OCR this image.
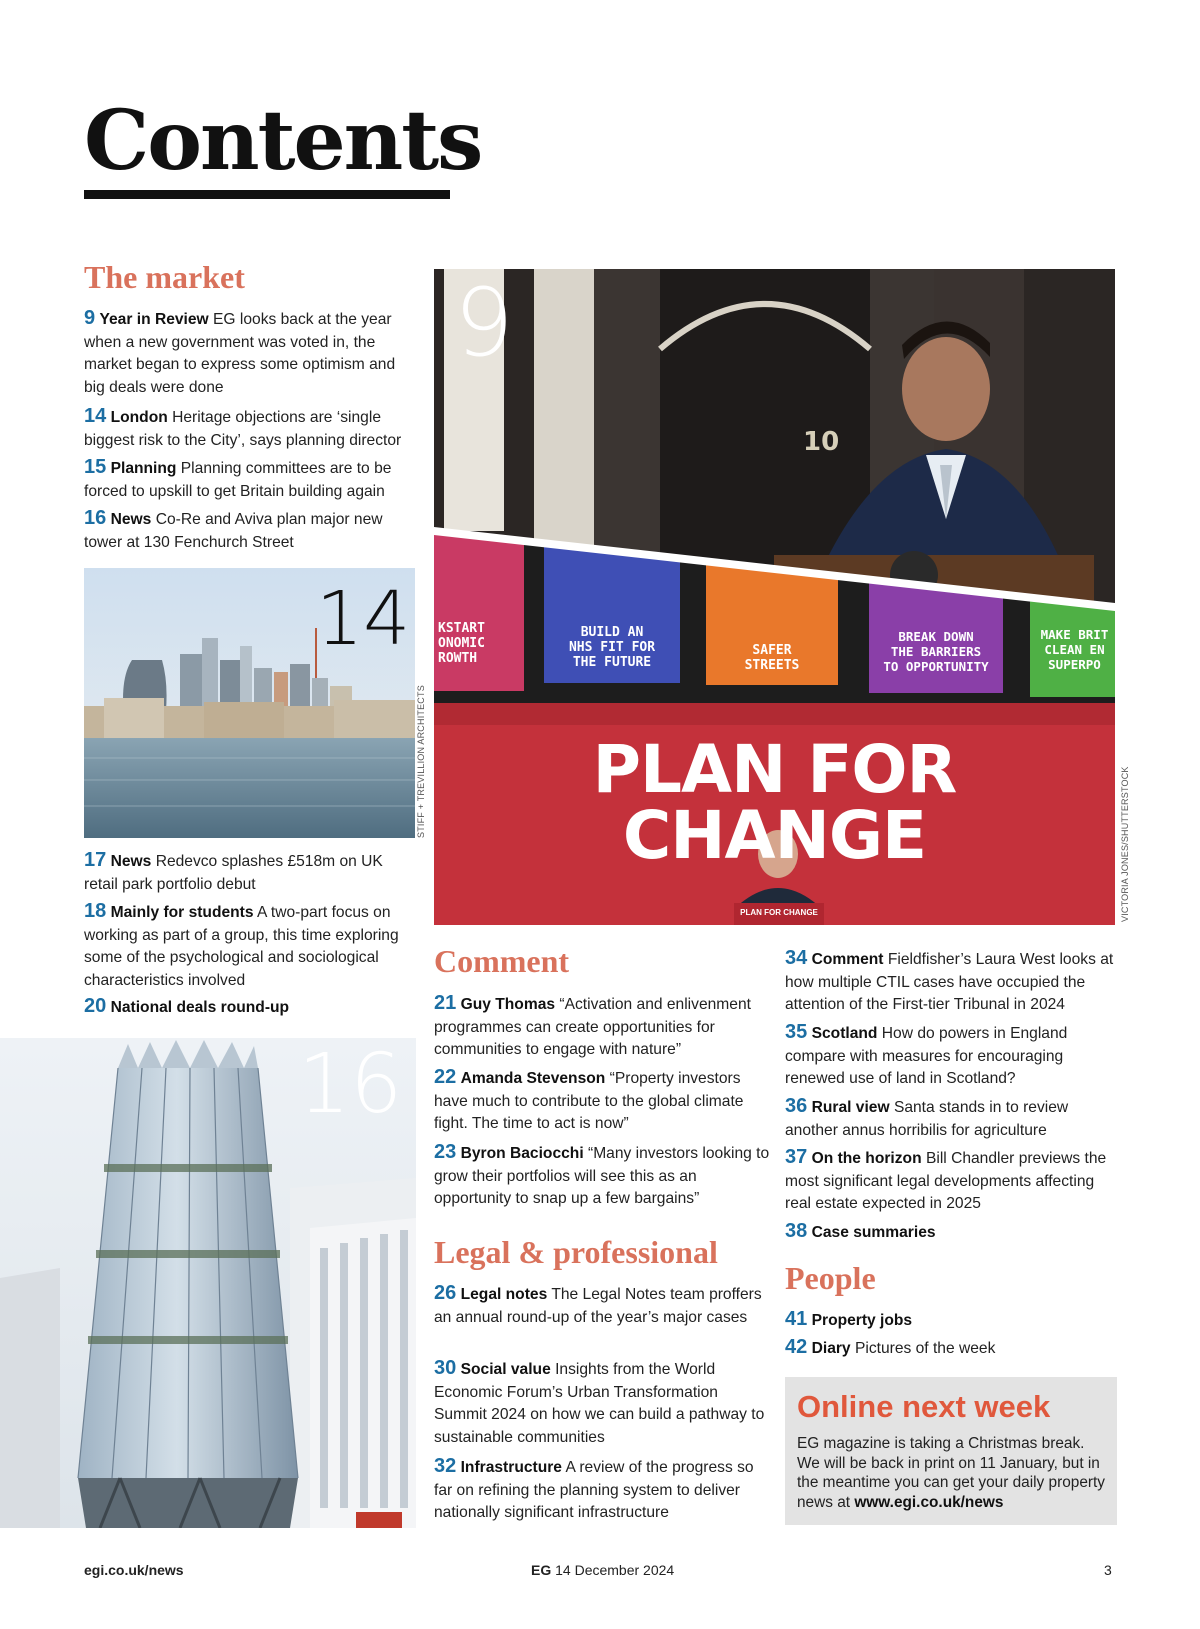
Contents
The market
9 Year in Review EG looks back at the year when a new government was voted in, the market began to express some optimism and big deals were done
14 London Heritage objections are ‘single biggest risk to the City’, says planning director
15 Planning Planning committees are to be forced to upskill to get Britain building again
16 News Co-Re and Aviva plan major new tower at 130 Fenchurch Street
14
STIFF + TREVILLION ARCHITECTS
17 News Redevco splashes £518m on UK retail park portfolio debut
18 Mainly for students A two-part focus on working as part of a group, this time exploring some of the psychological and sociological characteristics involved
20 National deals round-up
16
9
10
KSTART
ONOMIC
ROWTH
BUILD AN
NHS FIT FOR
THE FUTURE
SAFER
STREETS
BREAK DOWN
THE BARRIERS
TO OPPORTUNITY
MAKE BRIT
CLEAN EN
SUPERPO
PLAN FOR CHANGE
PLAN FOR CHANGE	VICTORIA JONES/SHUTTERSTOCK
Comment
21 Guy Thomas “Activation and enlivenment programmes can create opportunities for communities to engage with nature”
22 Amanda Stevenson “Property investors have much to contribute to the global climate fight. The time to act is now”
23 Byron Baciocchi “Many investors looking to grow their portfolios will see this as an opportunity to snap up a few bargains”
Legal & professional
26 Legal notes The Legal Notes team proffers an annual round-up of the year’s major cases
30 Social value Insights from the World Economic Forum’s Urban Transformation Summit 2024 on how we can build a pathway to sustainable communities
32 Infrastructure A review of the progress so far on refining the planning system to deliver nationally significant infrastructure
34 Comment Fieldfisher’s Laura West looks at how multiple CTIL cases have occupied the attention of the First-tier Tribunal in 2024
35 Scotland How do powers in England compare with measures for encouraging renewed use of land in Scotland?
36 Rural view Santa stands in to review another annus horribilis for agriculture
37 On the horizon Bill Chandler previews the most significant legal developments affecting real estate expected in 2025
38 Case summaries
People
41 Property jobs
42 Diary Pictures of the week
Online next week
EG magazine is taking a Christmas break. We will be back in print on 11 January, but in the meantime you can get your daily property news at www.egi.co.uk/news
egi.co.uk/news	EG 14 December 2024	3
